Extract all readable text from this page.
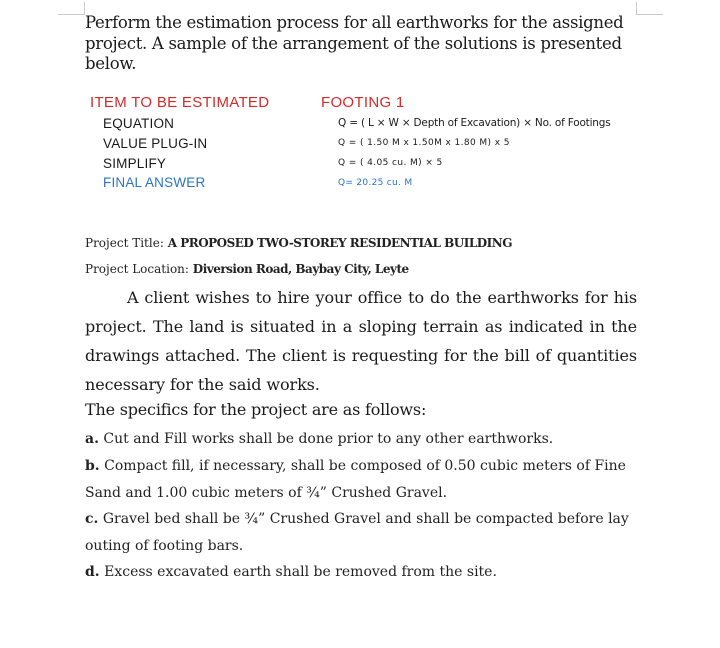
Perform the estimation process for all earthworks for the assigned project. A sample of the arrangement of the solutions is presented below.
ITEM TO BE ESTIMATED	FOOTING 1
EQUATION	Q = ( L × W × Depth of Excavation) × No. of Footings
VALUE PLUG-IN	Q = ( 1.50 M x 1.50M x 1.80 M) x 5
SIMPLIFY	Q = ( 4.05 cu. M) × 5
FINAL ANSWER	Q= 20.25 cu. M
Project Title: A PROPOSED TWO-STOREY RESIDENTIAL BUILDING
Project Location: Diversion Road, Baybay City, Leyte
A client wishes to hire your office to do the earthworks for his project. The land is situated in a sloping terrain as indicated in the drawings attached. The client is requesting for the bill of quantities necessary for the said works.
The specifics for the project are as follows:
a. Cut and Fill works shall be done prior to any other earthworks.
b. Compact fill, if necessary, shall be composed of 0.50 cubic meters of Fine Sand and 1.00 cubic meters of ¾” Crushed Gravel.
c. Gravel bed shall be ¾” Crushed Gravel and shall be compacted before lay outing of footing bars.
d. Excess excavated earth shall be removed from the site.
